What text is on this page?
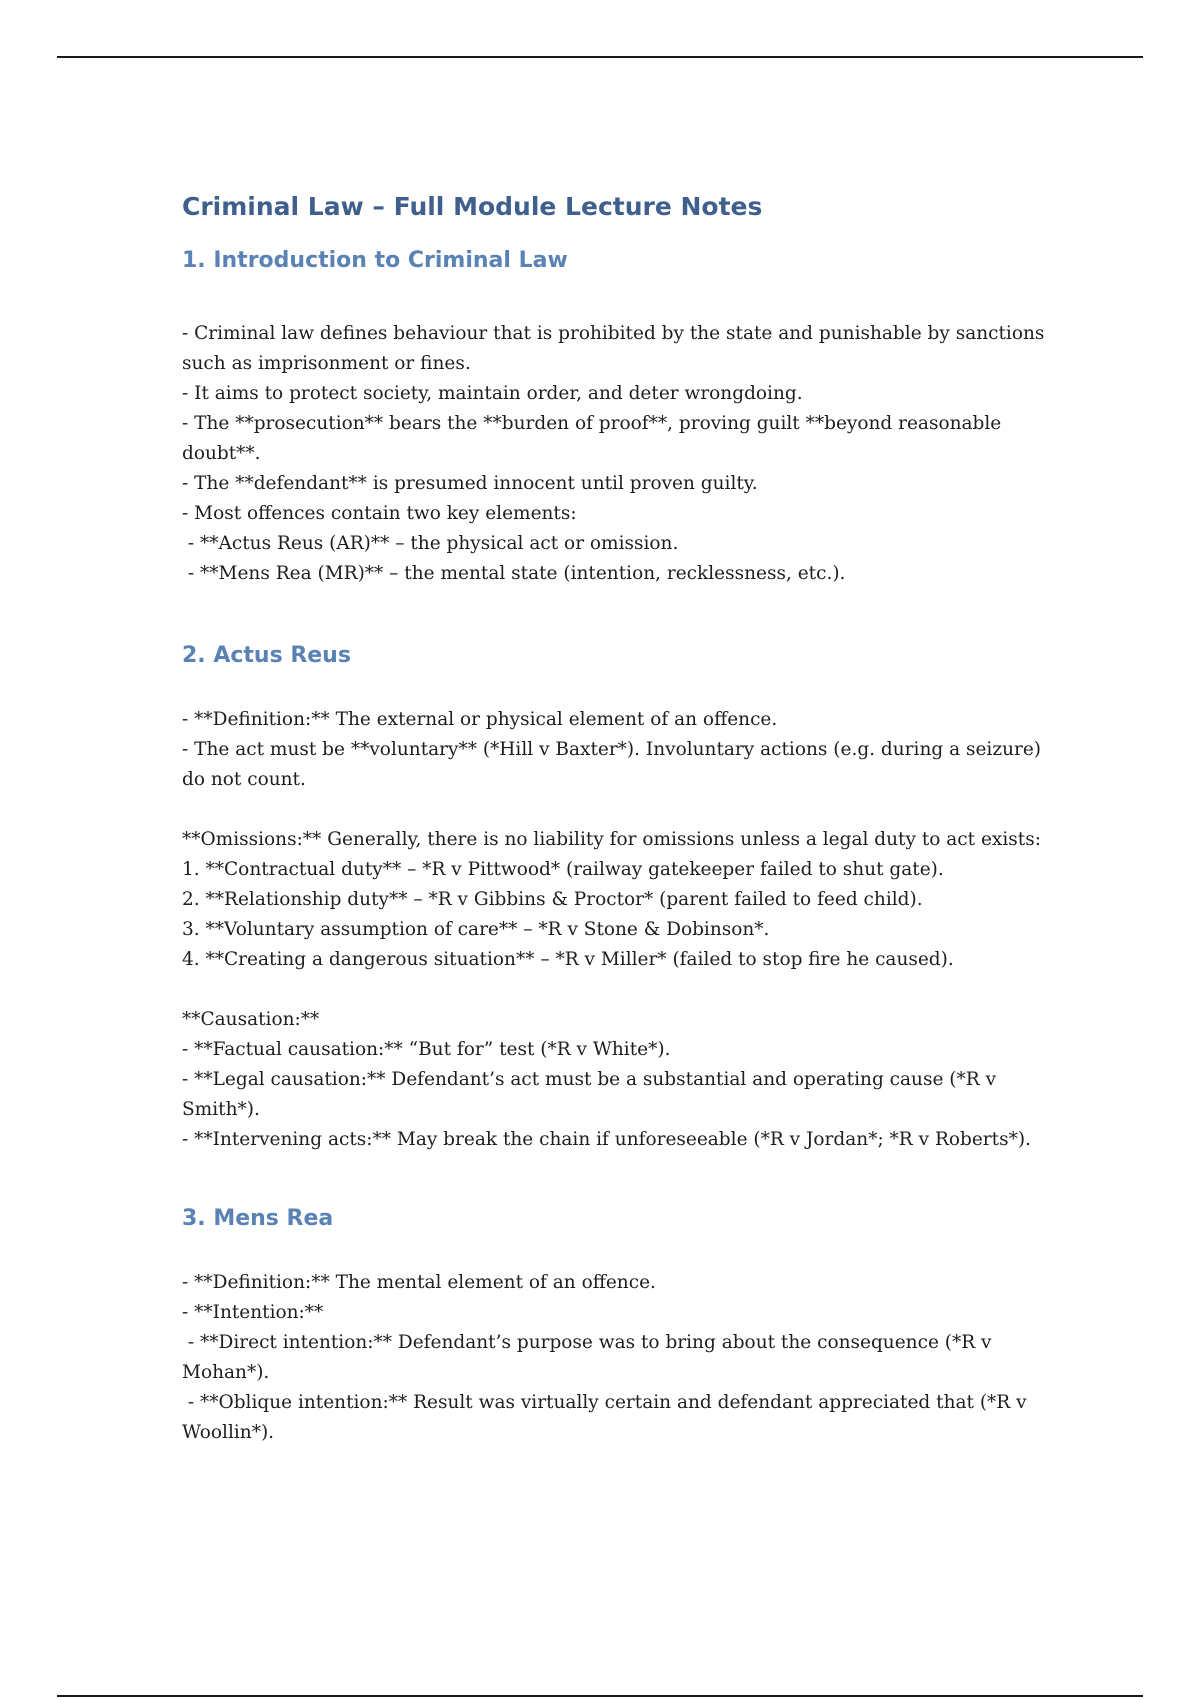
Criminal Law – Full Module Lecture Notes
1. Introduction to Criminal Law
- Criminal law defines behaviour that is prohibited by the state and punishable by sanctions such as imprisonment or fines.
- It aims to protect society, maintain order, and deter wrongdoing.
- The **prosecution** bears the **burden of proof**, proving guilt **beyond reasonable doubt**.
- The **defendant** is presumed innocent until proven guilty.
- Most offences contain two key elements:
- **Actus Reus (AR)** – the physical act or omission.
- **Mens Rea (MR)** – the mental state (intention, recklessness, etc.).
2. Actus Reus
- **Definition:** The external or physical element of an offence.
- The act must be **voluntary** (*Hill v Baxter*). Involuntary actions (e.g. during a seizure) do not count.
**Omissions:** Generally, there is no liability for omissions unless a legal duty to act exists:
1. **Contractual duty** – *R v Pittwood* (railway gatekeeper failed to shut gate).
2. **Relationship duty** – *R v Gibbins & Proctor* (parent failed to feed child).
3. **Voluntary assumption of care** – *R v Stone & Dobinson*.
4. **Creating a dangerous situation** – *R v Miller* (failed to stop fire he caused).
**Causation:**
- **Factual causation:** “But for” test (*R v White*).
- **Legal causation:** Defendant’s act must be a substantial and operating cause (*R v Smith*).
- **Intervening acts:** May break the chain if unforeseeable (*R v Jordan*; *R v Roberts*).
3. Mens Rea
- **Definition:** The mental element of an offence.
- **Intention:**
- **Direct intention:** Defendant’s purpose was to bring about the consequence (*R v Mohan*).
- **Oblique intention:** Result was virtually certain and defendant appreciated that (*R v Woollin*).
